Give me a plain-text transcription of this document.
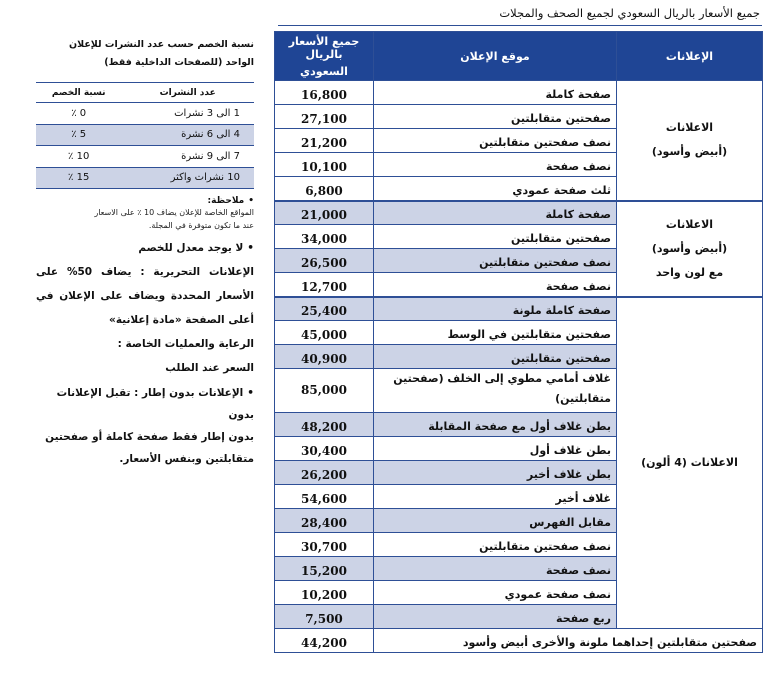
جميع الأسعار بالريال السعودي لجميع الصحف والمجلات
الإعلانات	موقع الإعلان	جميع الأسعار بالريال
السعودي

الاعلانات
(أبيض وأسود)	صفحة كاملة	16,800
	صفحتين متقابلتين	27,100
	نصف صفحتين متقابلتين	21,200
	نصف صفحة	10,100
	ثلث صفحة عمودي	6,800

الاعلانات
(أبيض وأسود)
مع لون واحد	صفحة كاملة	21,000
	صفحتين متقابلتين	34,000
	نصف صفحتين متقابلتين	26,500
	نصف صفحة	12,700

الاعلانات (4 ألون)	صفحة كاملة ملونة	25,400
	صفحتين متقابلتين في الوسط	45,000
	صفحتين متقابلتين	40,900
	غلاف أمامي مطوي إلى الخلف (صفحتين متقابلتين)	85,000
	بطن غلاف أول مع صفحة المقابلة	48,200
	بطن غلاف أول	30,400
	بطن غلاف أخير	26,200
	غلاف أخير	54,600
	مقابل الفهرس	28,400
	نصف صفحتين متقابلتين	30,700
	نصف صفحة	15,200
	نصف صفحة عمودي	10,200
	ربع صفحة	7,500
صفحتين متقابلتين إحداهما ملونة والأخرى أبيض وأسود		44,200
نسبة الخصم حسب عدد النشرات للإعلان
الواحد (للصفحات الداخلية فقط)
عدد النشرات	نسبة الخصم
1 الى 3 نشرات	0 ٪
4 الى 6 نشرة	5 ٪
7 الى 9 نشرة	10 ٪
10 نشرات واكثر	15 ٪
•ملاحظة:
المواقع الخاصة للإعلان يضاف 10 ٪ على الاسعار
عند ما تكون متوفرة في المجلة.
•لا يوجد معدل للخصم
الإعلانات التحريرية : يضاف 50% على الأسعار المحددة ويضاف على الإعلان في أعلى الصفحة «مادة إعلانية»
الرعاية والعمليات الخاصة :
السعر عند الطلب
•الإعلانات بدون إطار : تقبل الإعلانات بدون
بدون إطار فقط صفحة كاملة أو صفحتين
متقابلتين وبنفس الأسعار.
